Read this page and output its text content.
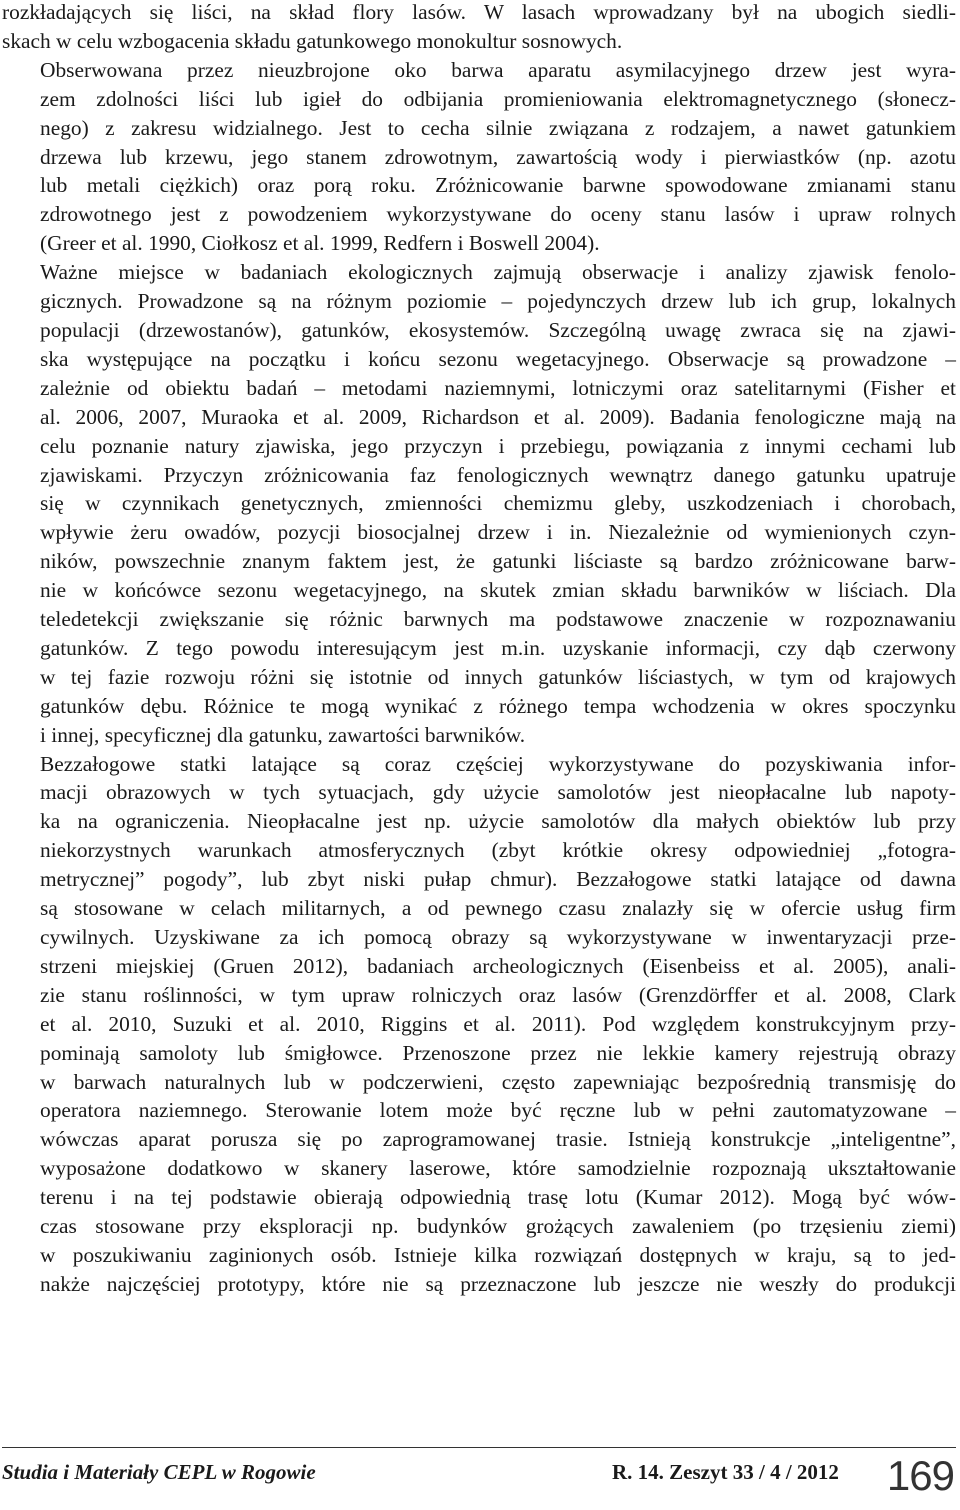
rozkładających się liści, na skład flory lasów. W lasach wprowadzany był na ubogich siedli-
skach w celu wzbogacenia składu gatunkowego monokultur sosnowych.

Obserwowana przez nieuzbrojone oko barwa aparatu asymilacyjnego drzew jest wyra-
zem zdolności liści lub igieł do odbijania promieniowania elektromagnetycznego (słonecz-
nego) z zakresu widzialnego. Jest to cecha silnie związana z rodzajem, a nawet gatunkiem
drzewa lub krzewu, jego stanem zdrowotnym, zawartością wody i pierwiastków (np. azotu
lub metali ciężkich) oraz porą roku. Zróżnicowanie barwne spowodowane zmianami stanu
zdrowotnego jest z powodzeniem wykorzystywane do oceny stanu lasów i upraw rolnych
(Greer et al. 1990, Ciołkosz et al. 1999, Redfern i Boswell 2004).

Ważne miejsce w badaniach ekologicznych zajmują obserwacje i analizy zjawisk fenolo-
gicznych. Prowadzone są na różnym poziomie – pojedynczych drzew lub ich grup, lokalnych
populacji (drzewostanów), gatunków, ekosystemów. Szczególną uwagę zwraca się na zjawi-
ska występujące na początku i końcu sezonu wegetacyjnego. Obserwacje są prowadzone –
zależnie od obiektu badań – metodami naziemnymi, lotniczymi oraz satelitarnymi (Fisher et
al. 2006, 2007, Muraoka et al. 2009, Richardson et al. 2009). Badania fenologiczne mają na
celu poznanie natury zjawiska, jego przyczyn i przebiegu, powiązania z innymi cechami lub
zjawiskami. Przyczyn zróżnicowania faz fenologicznych wewnątrz danego gatunku upatruje
się w czynnikach genetycznych, zmienności chemizmu gleby, uszkodzeniach i chorobach,
wpływie żeru owadów, pozycji biosocjalnej drzew i in. Niezależnie od wymienionych czyn-
ników, powszechnie znanym faktem jest, że gatunki liściaste są bardzo zróżnicowane barw-
nie w końcówce sezonu wegetacyjnego, na skutek zmian składu barwników w liściach. Dla
teledetekcji zwiększanie się różnic barwnych ma podstawowe znaczenie w rozpoznawaniu
gatunków. Z tego powodu interesującym jest m.in. uzyskanie informacji, czy dąb czerwony
w tej fazie rozwoju różni się istotnie od innych gatunków liściastych, w tym od krajowych
gatunków dębu. Różnice te mogą wynikać z różnego tempa wchodzenia w okres spoczynku
i innej, specyficznej dla gatunku, zawartości barwników.

Bezzałogowe statki latające są coraz częściej wykorzystywane do pozyskiwania infor-
macji obrazowych w tych sytuacjach, gdy użycie samolotów jest nieopłacalne lub napoty-
ka na ograniczenia. Nieopłacalne jest np. użycie samolotów dla małych obiektów lub przy
niekorzystnych warunkach atmosferycznych (zbyt krótkie okresy odpowiedniej „fotogra-
metrycznej” pogody”, lub zbyt niski pułap chmur). Bezzałogowe statki latające od dawna
są stosowane w celach militarnych, a od pewnego czasu znalazły się w ofercie usług firm
cywilnych. Uzyskiwane za ich pomocą obrazy są wykorzystywane w inwentaryzacji prze-
strzeni miejskiej (Gruen 2012), badaniach archeologicznych (Eisenbeiss et al. 2005), anali-
zie stanu roślinności, w tym upraw rolniczych oraz lasów (Grenzdörffer et al. 2008, Clark
et al. 2010, Suzuki et al. 2010, Riggins et al. 2011). Pod względem konstrukcyjnym przy-
pominają samoloty lub śmigłowce. Przenoszone przez nie lekkie kamery rejestrują obrazy
w barwach naturalnych lub w podczerwieni, często zapewniając bezpośrednią transmisję do
operatora naziemnego. Sterowanie lotem może być ręczne lub w pełni zautomatyzowane –
wówczas aparat porusza się po zaprogramowanej trasie. Istnieją konstrukcje „inteligentne”,
wyposażone dodatkowo w skanery laserowe, które samodzielnie rozpoznają ukształtowanie
terenu i na tej podstawie obierają odpowiednią trasę lotu (Kumar 2012). Mogą być wów-
czas stosowane przy eksploracji np. budynków grożących zawaleniem (po trzęsieniu ziemi)
w poszukiwaniu zaginionych osób. Istnieje kilka rozwiązań dostępnych w kraju, są to jed-
nakże najczęściej prototypy, które nie są przeznaczone lub jeszcze nie weszły do produkcji

Studia i Materiały CEPL w Rogowie	R. 14. Zeszyt 33 / 4 / 2012 169
